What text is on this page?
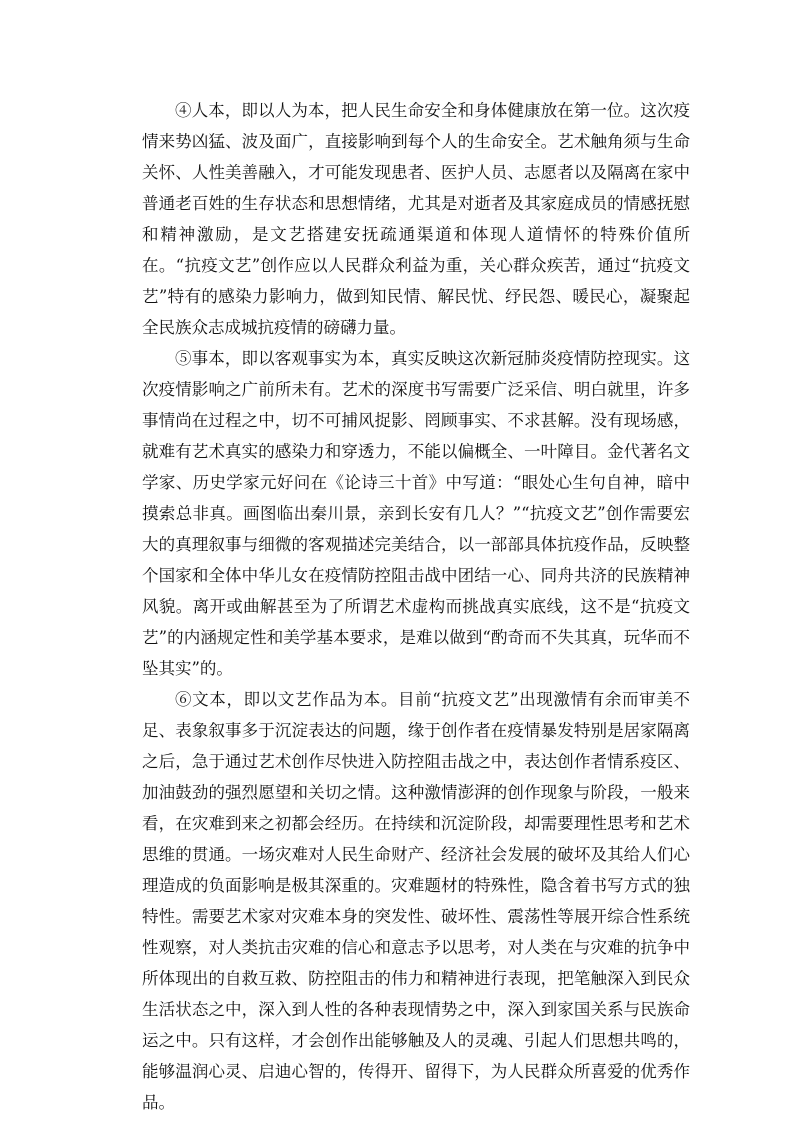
④人本，即以人为本，把人民生命安全和身体健康放在第一位。这次疫情来势凶猛、波及面广，直接影响到每个人的生命安全。艺术触角须与生命关怀、人性美善融入，才可能发现患者、医护人员、志愿者以及隔离在家中普通老百姓的生存状态和思想情绪，尤其是对逝者及其家庭成员的情感抚慰和精神激励，是文艺搭建安抚疏通渠道和体现人道情怀的特殊价值所在。“抗疫文艺”创作应以人民群众利益为重，关心群众疾苦，通过“抗疫文艺”特有的感染力影响力，做到知民情、解民忧、纾民怨、暖民心，凝聚起全民族众志成城抗疫情的磅礴力量。

⑤事本，即以客观事实为本，真实反映这次新冠肺炎疫情防控现实。这次疫情影响之广前所未有。艺术的深度书写需要广泛采信、明白就里，许多事情尚在过程之中，切不可捕风捉影、罔顾事实、不求甚解。没有现场感，就难有艺术真实的感染力和穿透力，不能以偏概全、一叶障目。金代著名文学家、历史学家元好问在《论诗三十首》中写道：“眼处心生句自神，暗中摸索总非真。画图临出秦川景，亲到长安有几人？”“抗疫文艺”创作需要宏大的真理叙事与细微的客观描述完美结合，以一部部具体抗疫作品，反映整个国家和全体中华儿女在疫情防控阻击战中团结一心、同舟共济的民族精神风貌。离开或曲解甚至为了所谓艺术虚构而挑战真实底线，这不是“抗疫文艺”的内涵规定性和美学基本要求，是难以做到“酌奇而不失其真，玩华而不坠其实”的。

⑥文本，即以文艺作品为本。目前“抗疫文艺”出现激情有余而审美不足、表象叙事多于沉淀表达的问题，缘于创作者在疫情暴发特别是居家隔离之后，急于通过艺术创作尽快进入防控阻击战之中，表达创作者情系疫区、加油鼓劲的强烈愿望和关切之情。这种激情澎湃的创作现象与阶段，一般来看，在灾难到来之初都会经历。在持续和沉淀阶段，却需要理性思考和艺术思维的贯通。一场灾难对人民生命财产、经济社会发展的破坏及其给人们心理造成的负面影响是极其深重的。灾难题材的特殊性，隐含着书写方式的独特性。需要艺术家对灾难本身的突发性、破坏性、震荡性等展开综合性系统性观察，对人类抗击灾难的信心和意志予以思考，对人类在与灾难的抗争中所体现出的自救互救、防控阻击的伟力和精神进行表现，把笔触深入到民众生活状态之中，深入到人性的各种表现情势之中，深入到家国关系与民族命运之中。只有这样，才会创作出能够触及人的灵魂、引起人们思想共鸣的，能够温润心灵、启迪心智的，传得开、留得下，为人民群众所喜爱的优秀作品。
